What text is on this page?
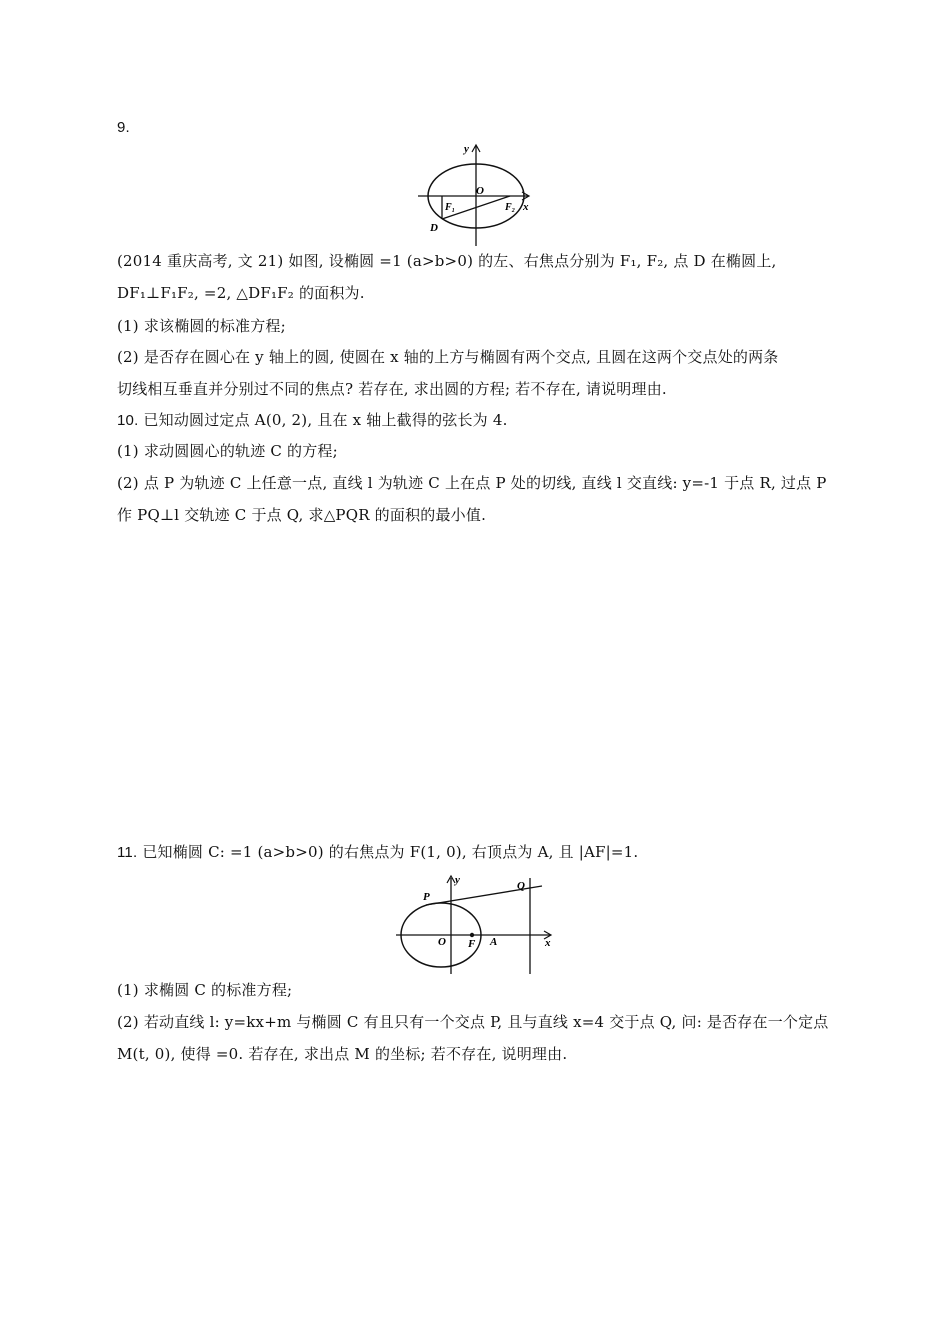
9.
y
O
x
F₁	F₂
D
(2014 重庆高考, 文 21) 如图, 设椭圆 =1 (a>b>0) 的左、右焦点分别为 F₁, F₂, 点 D 在椭圆上,
DF₁⊥F₁F₂, =2, △DF₁F₂ 的面积为.
(1) 求该椭圆的标准方程;
(2) 是否存在圆心在 y 轴上的圆, 使圆在 x 轴的上方与椭圆有两个交点, 且圆在这两个交点处的两条
切线相互垂直并分别过不同的焦点? 若存在, 求出圆的方程; 若不存在, 请说明理由.
10. 已知动圆过定点 A(0, 2), 且在 x 轴上截得的弦长为 4.
(1) 求动圆圆心的轨迹 C 的方程;
(2) 点 P 为轨迹 C 上任意一点, 直线 l 为轨迹 C 上在点 P 处的切线, 直线 l 交直线: y=-1 于点 R, 过点 P
作 PQ⊥l 交轨迹 C 于点 Q, 求△PQR 的面积的最小值.
11. 已知椭圆 C: =1 (a>b>0) 的右焦点为 F(1, 0), 右顶点为 A, 且 |AF|=1.
y
P
Q
O F A	x
(1) 求椭圆 C 的标准方程;
(2) 若动直线 l: y=kx+m 与椭圆 C 有且只有一个交点 P, 且与直线 x=4 交于点 Q, 问: 是否存在一个定点
M(t, 0), 使得 =0. 若存在, 求出点 M 的坐标; 若不存在, 说明理由.
